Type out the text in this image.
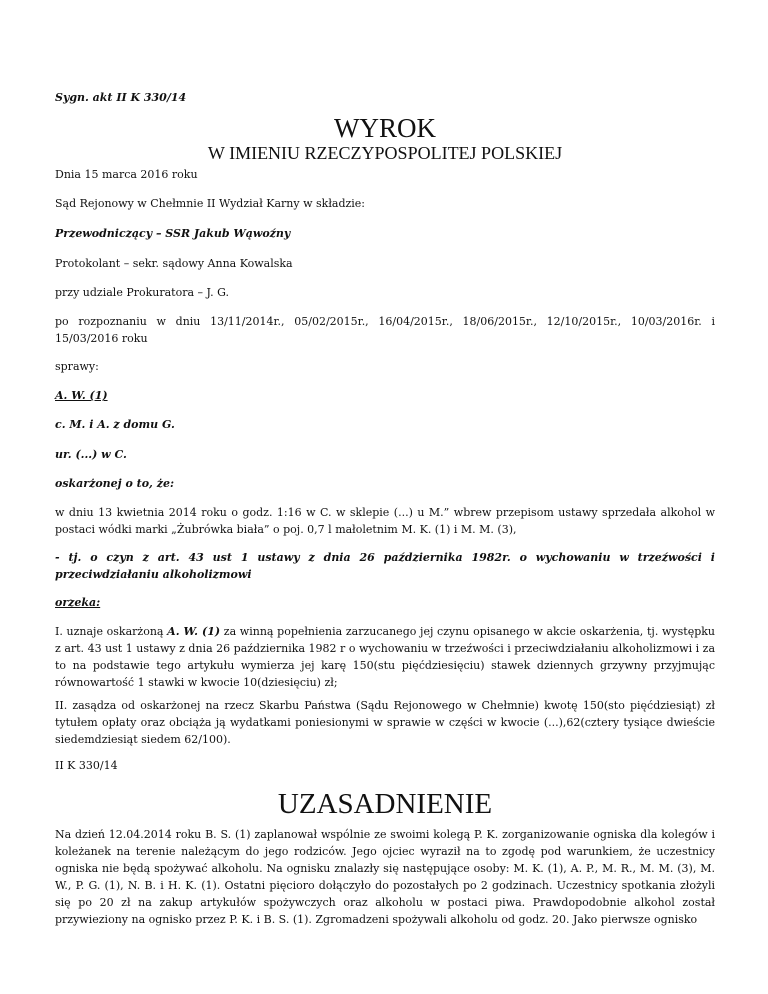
Sygn. akt II K 330/14

WYROK
W IMIENIU RZECZYPOSPOLITEJ POLSKIEJ

Dnia 15 marca 2016 roku

Sąd Rejonowy w Chełmnie II Wydział Karny w składzie:

Przewodniczący – SSR Jakub Wąwoźny

Protokolant – sekr. sądowy Anna Kowalska

przy udziale Prokuratora – J. G.

po rozpoznaniu w dniu 13/11/2014r., 05/02/2015r., 16/04/2015r., 18/06/2015r., 12/10/2015r., 10/03/2016r. i 15/03/2016 roku

sprawy:

A. W. (1)

c. M. i A. z domu G.

ur. (...) w C.

oskarżonej o to, że:

w dniu 13 kwietnia 2014 roku o godz. 1:16 w C. w sklepie (...) u M.” wbrew przepisom ustawy sprzedała alkohol w postaci wódki marki „Żubrówka biała” o poj. 0,7 l małoletnim M. K. (1) i M. M. (3),

- tj. o czyn z art. 43 ust 1 ustawy z dnia 26 października 1982r. o wychowaniu w trzeźwości i przeciwdziałaniu alkoholizmowi

orzeka:

I. uznaje oskarżoną A. W. (1) za winną popełnienia zarzucanego jej czynu opisanego w akcie oskarżenia, tj. występku z art. 43 ust 1 ustawy z dnia 26 października 1982 r o wychowaniu w trzeźwości i przeciwdziałaniu alkoholizmowi i za to na podstawie tego artykułu wymierza jej karę 150(stu pięćdziesięciu) stawek dziennych grzywny przyjmując równowartość 1 stawki w kwocie 10(dziesięciu) zł;

II. zasądza od oskarżonej na rzecz Skarbu Państwa (Sądu Rejonowego w Chełmnie) kwotę 150(sto pięćdziesiąt) zł tytułem opłaty oraz obciąża ją wydatkami poniesionymi w sprawie w części w kwocie (...),62(cztery tysiące dwieście siedemdziesiąt siedem 62/100).

II K 330/14

UZASADNIENIE

Na dzień 12.04.2014 roku B. S. (1) zaplanował wspólnie ze swoimi kolegą P. K. zorganizowanie ogniska dla kolegów i koleżanek na terenie należącym do jego rodziców. Jego ojciec wyraził na to zgodę pod warunkiem, że uczestnicy ogniska nie będą spożywać alkoholu. Na ognisku znalazły się następujące osoby: M. K. (1), A. P., M. R., M. M. (3), M. W., P. G. (1), N. B. i H. K. (1). Ostatni pięcioro dołączyło do pozostałych po 2 godzinach. Uczestnicy spotkania złożyli się po 20 zł na zakup artykułów spożywczych oraz alkoholu w postaci piwa. Prawdopodobnie alkohol został przywieziony na ognisko przez P. K. i B. S. (1). Zgromadzeni spożywali alkoholu od godz. 20. Jako pierwsze ognisko
